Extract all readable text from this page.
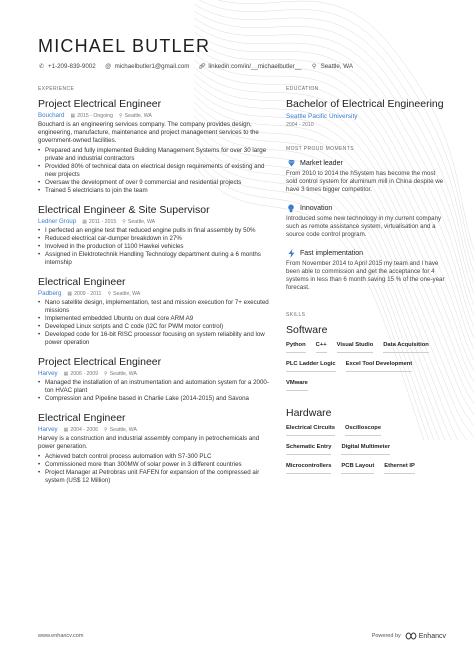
MICHAEL BUTLER
✆ +1-209-839-9002 @ michaelbutler1@gmail.com 🔗︎ linkedin.com/in/__michaelbutler__ ⚲ Seattle, WA
EXPERIENCE
Project Electrical Engineer
Bouchard ▦ 2015 - Ongoing ⚲ Seattle, WA
Bouchard is an engineering services company. The company provides design, engineering, manufacture, maintenance and project management services to the government-owned facilities.
• Prepared and fully implemented Building Management Systems for over 30 large private and industrial contractors
• Provided 80% of technical data on electrical design requirements of existing and new projects
• Oversaw the development of over 9 commercial and residential projects
• Trained 5 electricians to join the team
Electrical Engineer & Site Supervisor
Ledner Group ▦ 2011 - 2015 ⚲ Seattle, WA
• I perfected an engine test that reduced engine pulls in final assembly by 50%
• Reduced electrical car-dumper breakdown in 27%
• Involved in the production of 1100 Hawkei vehicles
• Assigned in Elektrotechnik Handling Technology department during a 6 months internship
Electrical Engineer
Padberg ▦ 2009 - 2011 ⚲ Seattle, WA
• Nano satellite design, implementation, test and mission execution for 7+ executed missions
• Implemented embedded Ubuntu on dual core ARM A9
• Developed Linux scripts and C code (I2C for PWM motor control)
• Developed code for 16-bit RISC processor focusing on system reliability and low power operation
Project Electrical Engineer
Harvey ▦ 2006 - 2009 ⚲ Seattle, WA
• Managed the installation of an instrumentation and automation system for a 2000-ton HVAC plant
• Compression and Pipeline based in Charlie Lake (2014-2015) and Savona
Electrical Engineer
Harvey ▦ 2004 - 2006 ⚲ Seattle, WA
Harvey is a construction and industrial assembly company in petrochemicals and power generation.
• Achieved batch control process automation with S7-300 PLC
• Commissioned more than 300MW of solar power in 3 different countries
• Project Manager at Petrobras unit FAFEN for expansion of the compressed air system (US$ 12 Million)
EDUCATION
Bachelor of Electrical Engineering
Seattle Pacific University
2004 - 2010
MOST PROUD MOMENTS
Market leader
From 2010 to 2014 the hSystem has become the most sold control system for aluminum mill in China despite we have 3 times bigger competitor.
Innovation
Introduced some new technology in my current company such as remote assistance system, virtualisation and a source code control program.
Fast implementation
From November 2014 to April 2015 my team and I have been able to commission and get the acceptance for 4 systems in less than 6 month saving 15 % of the one-year forecast.
SKILLS
Software
Python C++ Visual Studio Data Acquisition
PLC Ladder Logic Excel Tool Development
VMware
Hardware
Electrical Circuits Oscilloscope
Schematic Entry Digital Multimeter
Microcontrollers PCB Layout Ethernet IP
www.enhancv.com	Powered by	Enhancv
